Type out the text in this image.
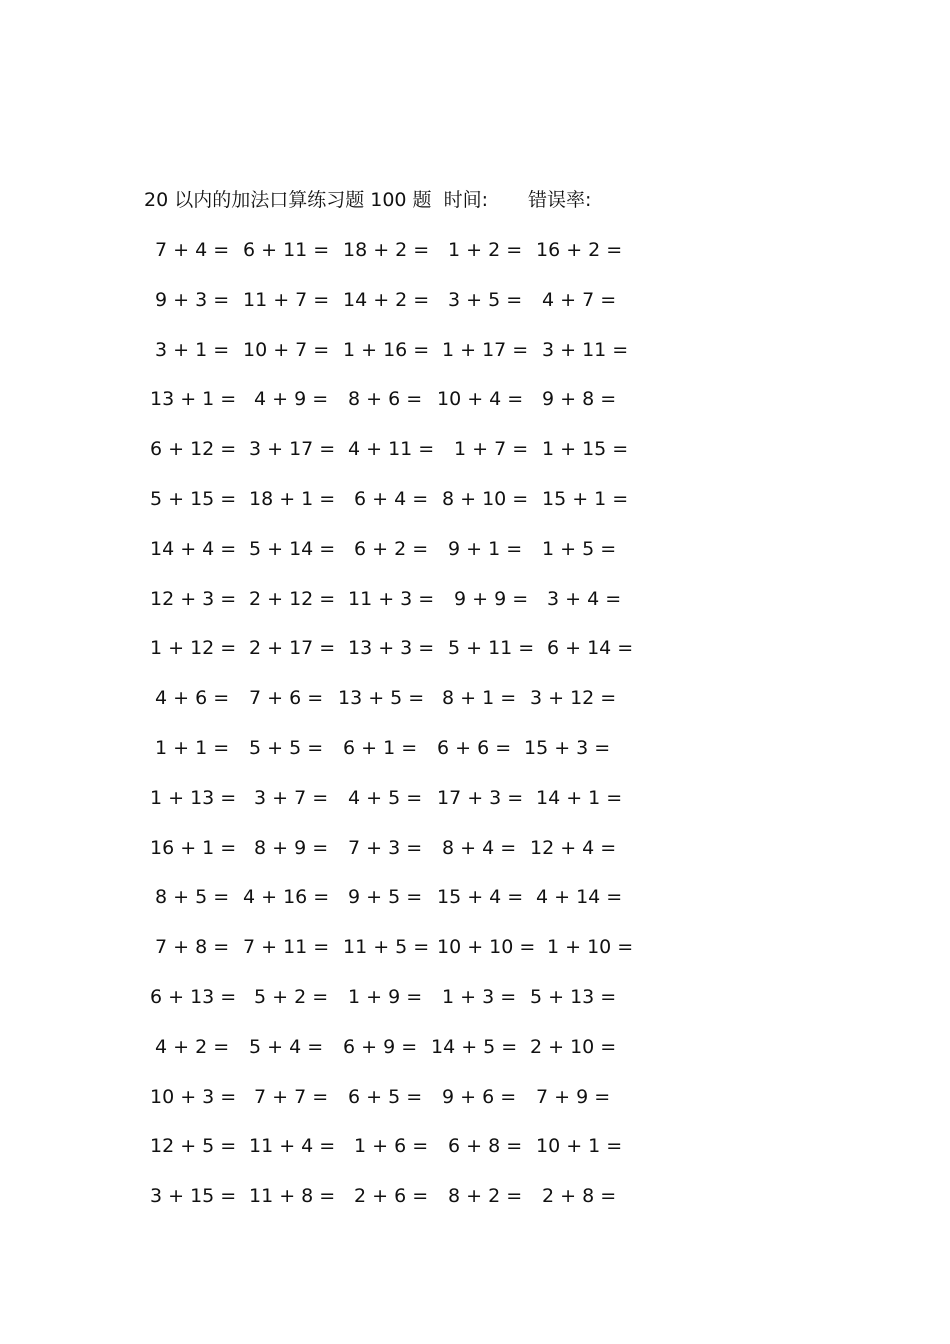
20 以内的加法口算练习题 100 题 时间: 错误率:
7 + 4 = 6 + 11 = 18 + 2 = 1 + 2 = 16 + 2 =
9 + 3 = 11 + 7 = 14 + 2 = 3 + 5 = 4 + 7 =
3 + 1 = 10 + 7 = 1 + 16 = 1 + 17 = 3 + 11 =
13 + 1 = 4 + 9 = 8 + 6 = 10 + 4 = 9 + 8 =
6 + 12 = 3 + 17 = 4 + 11 = 1 + 7 = 1 + 15 =
5 + 15 = 18 + 1 = 6 + 4 = 8 + 10 = 15 + 1 =
14 + 4 = 5 + 14 = 6 + 2 = 9 + 1 = 1 + 5 =
12 + 3 = 2 + 12 = 11 + 3 = 9 + 9 = 3 + 4 =
1 + 12 = 2 + 17 = 13 + 3 = 5 + 11 = 6 + 14 =
4 + 6 = 7 + 6 = 13 + 5 = 8 + 1 = 3 + 12 =
1 + 1 = 5 + 5 = 6 + 1 = 6 + 6 = 15 + 3 =
1 + 13 = 3 + 7 = 4 + 5 = 17 + 3 = 14 + 1 =
16 + 1 = 8 + 9 = 7 + 3 = 8 + 4 = 12 + 4 =
8 + 5 = 4 + 16 = 9 + 5 = 15 + 4 = 4 + 14 =
7 + 8 = 7 + 11 = 11 + 5 = 10 + 10 = 1 + 10 =
6 + 13 = 5 + 2 = 1 + 9 = 1 + 3 = 5 + 13 =
4 + 2 = 5 + 4 = 6 + 9 = 14 + 5 = 2 + 10 =
10 + 3 = 7 + 7 = 6 + 5 = 9 + 6 = 7 + 9 =
12 + 5 = 11 + 4 = 1 + 6 = 6 + 8 = 10 + 1 =
3 + 15 = 11 + 8 = 2 + 6 = 8 + 2 = 2 + 8 =
